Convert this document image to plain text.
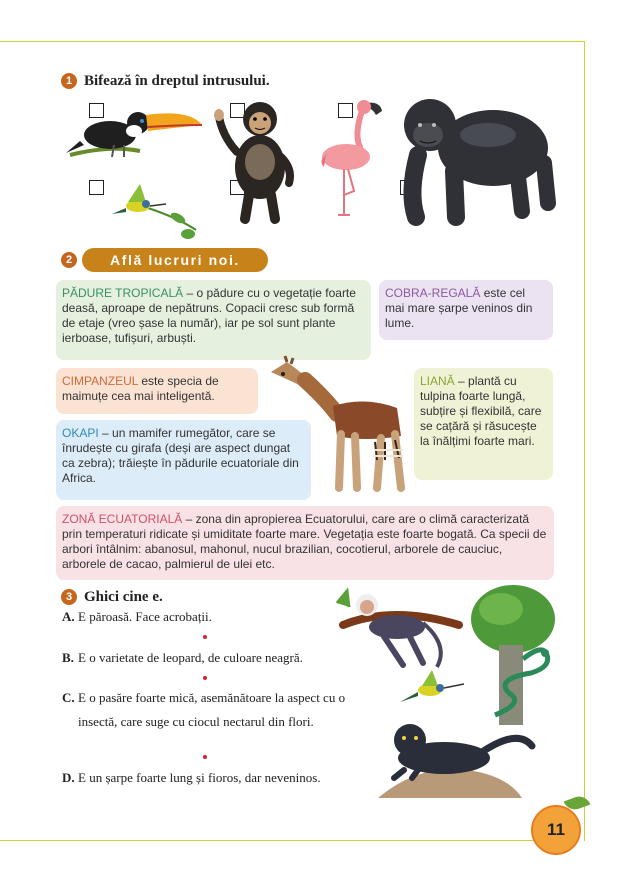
1 Bifează în dreptul intrusului.
2	Află lucruri noi.
PĂDURE TROPICALĂ – o pădure cu o vegetație foarte deasă, aproape de nepătruns. Copacii cresc sub formă de etaje (vreo șase la număr), iar pe sol sunt plante ierboase, tufișuri, arbuști.
COBRA-REGALĂ este cel mai mare șarpe veninos din lume.
CIMPANZEUL este specia de maimuțe cea mai inteligentă.
LIANĂ – plantă cu tulpina foarte lungă, subțire și flexibilă, care se cațără și răsucește la înălțimi foarte mari.
OKAPI – un mamifer rumegător, care se înrudește cu girafa (deși are aspect dungat ca zebra); trăiește în pădurile ecuatoriale din Africa.
ZONĂ ECUATORIALĂ – zona din apropierea Ecuatorului, care are o climă caracterizată prin temperaturi ridicate și umiditate foarte mare. Vegetația este foarte bogată. Ca specii de arbori întâlnim: abanosul, mahonul, nucul brazilian, cocotierul, arborele de cauciuc, arborele de cacao, palmierul de ulei etc.
3 Ghici cine e.
A. E păroasă. Face acrobații.
B. E o varietate de leopard, de culoare neagră.
C. E o pasăre foarte mică, asemănătoare la aspect cu o insectă, care suge cu ciocul nectarul din flori.
D. E un șarpe foarte lung și fioros, dar neveninos.
11
